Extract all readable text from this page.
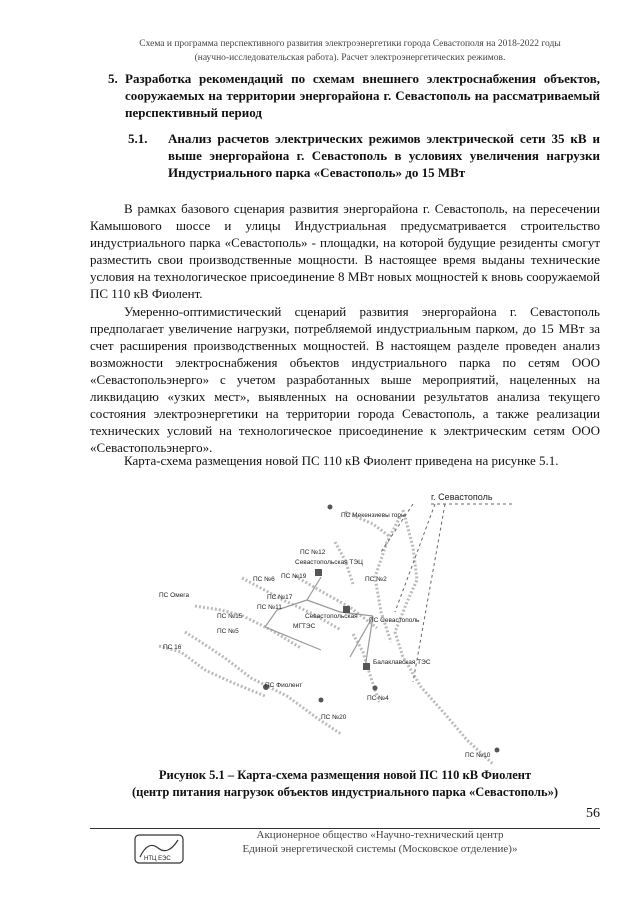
Схема и программа перспективного развития электроэнергетики города Севастополя на 2018-2022 годы
(научно-исследовательская работа). Расчет электроэнергетических режимов.
5. Разработка рекомендаций по схемам внешнего электроснабжения объектов, сооружаемых на территории энергорайона г. Севастополь на рассматриваемый перспективный период
5.1. Анализ расчетов электрических режимов электрической сети 35 кВ и выше энергорайона г. Севастополь в условиях увеличения нагрузки Индустриального парка «Севастополь» до 15 МВт

В рамках базового сценария развития энергорайона г. Севастополь, на пересечении Камышового шоссе и улицы Индустриальная предусматривается строительство индустриального парка «Севастополь» - площадки, на которой будущие резиденты смогут разместить свои производственные мощности. В настоящее время выданы технические условия на технологическое присоединение 8 МВт новых мощностей к вновь сооружаемой ПС 110 кВ Фиолент.

Умеренно-оптимистический сценарий развития энергорайона г. Севастополь предполагает увеличение нагрузки, потребляемой индустриальным парком, до 15 МВт за счет расширения производственных мощностей. В настоящем разделе проведен анализ возможности электроснабжения объектов индустриального парка по сетям ООО «Севастопольэнерго» с учетом разработанных выше мероприятий, нацеленных на ликвидацию «узких мест», выявленных на основании результатов анализа текущего состояния электроэнергетики на территории города Севастополь, а также реализации технических условий на технологическое присоединение к электрическим сетям ООО «Севастопольэнерго».

Карта-схема размещения новой ПС 110 кВ Фиолент приведена на рисунке 5.1.

г. Севастополь
ПС Мекензиевы горы
ПС №12
Севастопольская ТЭЦ
ПС №19	ПС №2
ПС №6
ПС №17
ПС Омега
ПС №11
Севастопольская
МГТЭС
ПС Севастополь
ПС №15
ПС №5
ПС 16
Балаклавская ТЭС
ПС Фиолент
ПС №4
ПС №20
ПС №10
Рисунок 5.1 – Карта-схема размещения новой ПС 110 кВ Фиолент
(центр питания нагрузок объектов индустриального парка «Севастополь»)
56
НТЦ ЕЭС
Акционерное общество «Научно-технический центр
Единой энергетической системы (Московское отделение)»
